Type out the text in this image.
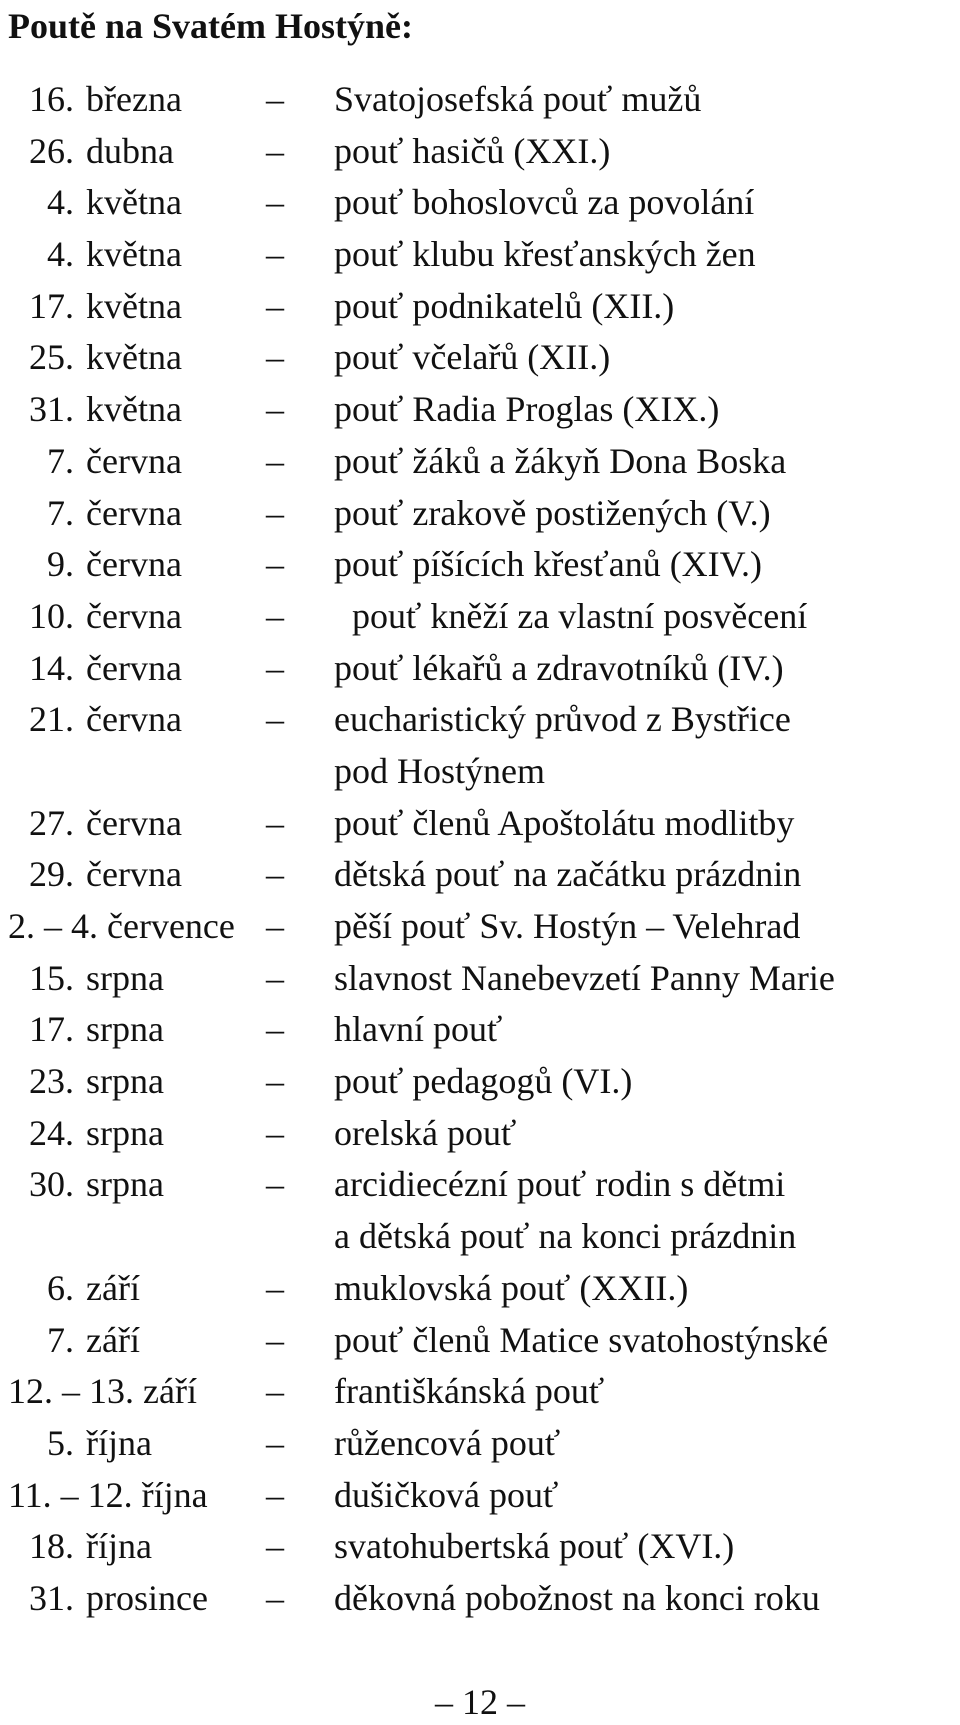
Poutě na Svatém Hostýně:
16. března – Svatojosefská pouť mužů
26. dubna	– pouť hasičů (XXI.)
4. května – pouť bohoslovců za povolání
4. května – pouť klubu křesťanských žen
17. května – pouť podnikatelů (XII.)
25. května – pouť včelařů (XII.)
31. května – pouť Radia Proglas (XIX.)
7. června – pouť žáků a žákyň Dona Boska
7. června – pouť zrakově postižených (V.)
9. června – pouť píšících křesťanů (XIV.)
10. června – pouť kněží za vlastní posvěcení
14. června – pouť lékařů a zdravotníků (IV.)
21. června – eucharistický průvod z Bystřice
pod Hostýnem
27. června – pouť členů Apoštolátu modlitby
29. června – dětská pouť na začátku prázdnin
2. – 4. července – pěší pouť Sv. Hostýn – Velehrad
15. srpna	– slavnost Nanebevzetí Panny Marie
17. srpna	– hlavní pouť
23. srpna	– pouť pedagogů (VI.)
24. srpna	– orelská pouť
30. srpna	– arcidiecézní pouť rodin s dětmi
a dětská pouť na konci prázdnin
6. září	– muklovská pouť (XXII.)
7. září	– pouť členů Matice svatohostýnské
12. – 13. září – františkánská pouť
5. října	– růžencová pouť
11. – 12. října – dušičková pouť
18. října	– svatohubertská pouť (XVI.)
31. prosince – děkovná pobožnost na konci roku
– 12 –
